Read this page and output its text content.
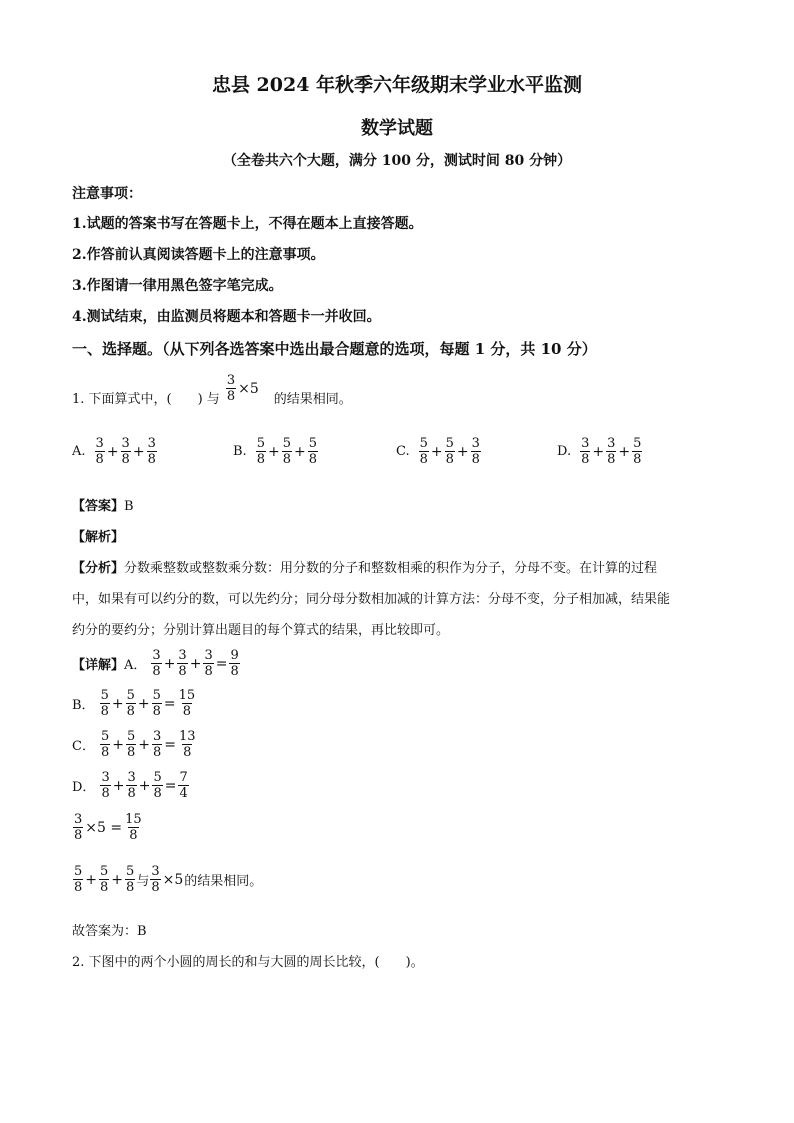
忠县 2024 年秋季六年级期末学业水平监测
数学试题
（全卷共六个大题，满分 100 分，测试时间 80 分钟）
注意事项：
1.试题的答案书写在答题卡上，不得在题本上直接答题。
2.作答前认真阅读答题卡上的注意事项。
3.作图请一律用黑色签字笔完成。
4.测试结束，由监测员将题本和答题卡一并收回。
一、选择题。（从下列各选答案中选出最合题意的选项，每题 1 分，共 10 分）
1. 下面算式中，(　　) 与 $\frac{3}{8} \times 5$
的结果相同。
A. $\frac{3}{8} + \frac{3}{8} + \frac{3}{8}$	B. $\frac{5}{8} + \frac{5}{8} + \frac{5}{8}$	C. $\frac{5}{8} + \frac{5}{8} + \frac{3}{8}$	D. $\frac{3}{8} + \frac{3}{8} + \frac{5}{8}$
【答案】B
【解析】
【分析】分数乘整数或整数乘分数：用分数的分子和整数相乘的积作为分子，分母不变。在计算的过程
中，如果有可以约分的数，可以先约分；同分母分数相加减的计算方法：分母不变，分子相加减，结果能
约分的要约分；分别计算出题目的每个算式的结果，再比较即可。
【详解】 A． $\frac{3}{8} + \frac{3}{8} + \frac{3}{8} = \frac{9}{8}$
B． $\frac{5}{8} + \frac{5}{8} + \frac{5}{8} = \frac{15}{8}$
C． $\frac{5}{8} + \frac{5}{8} + \frac{3}{8} = \frac{13}{8}$
D． $\frac{3}{8} + \frac{3}{8} + \frac{5}{8} = \frac{7}{4}$
$\frac{3}{8} \times 5 = \frac{15}{8}$
$\frac{5}{8} + \frac{5}{8} + \frac{5}{8}$ 与 $\frac{3}{8} \times 5$ 的结果相同。
故答案为：B
2. 下图中的两个小圆的周长的和与大圆的周长比较，(　　)。
